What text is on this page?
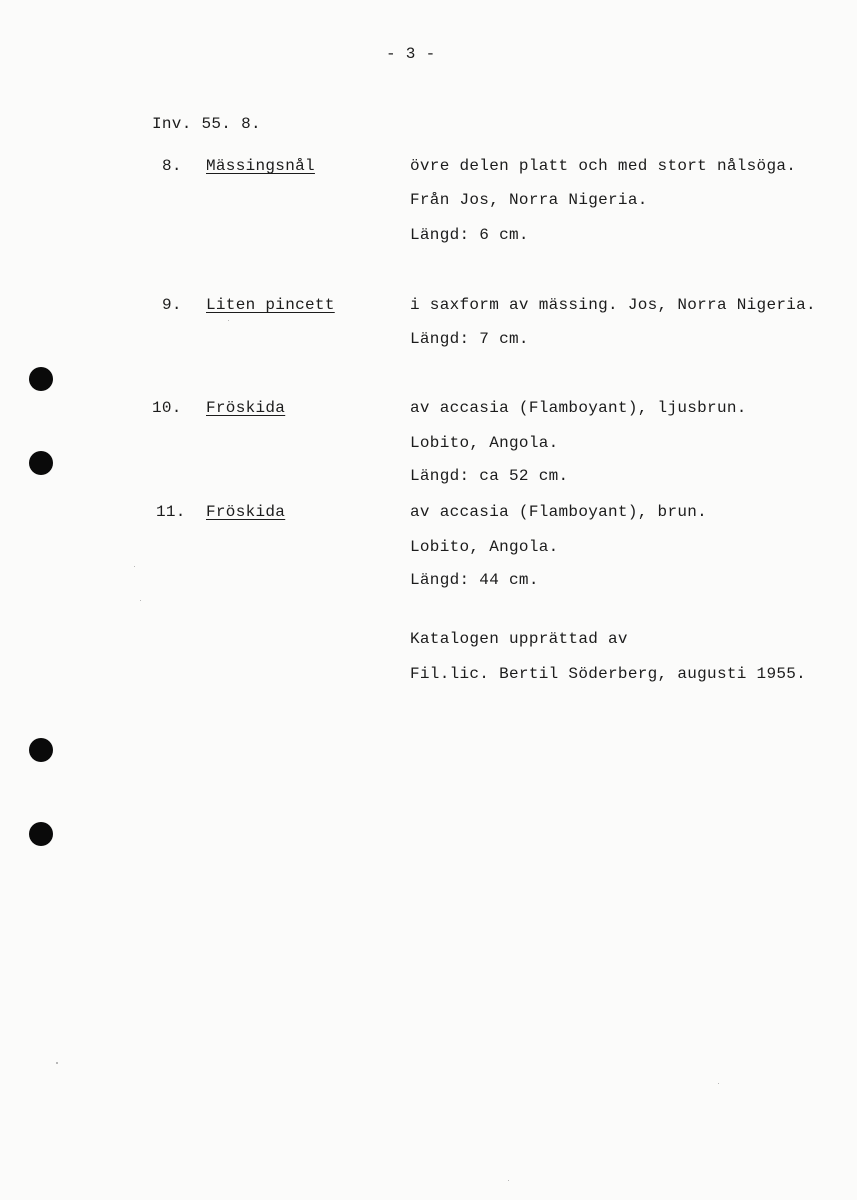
- 3 -
Inv. 55. 8.
8. Mässingsnål	övre delen platt och med stort nålsöga.
Från Jos, Norra Nigeria.
Längd: 6 cm.
9. Liten pincett	i saxform av mässing. Jos, Norra Nigeria.
Längd: 7 cm.
10. Fröskida	av accasia (Flamboyant), ljusbrun.
Lobito, Angola.
Längd: ca 52 cm.
11. Fröskida	av accasia (Flamboyant), brun.
Lobito, Angola.
Längd: 44 cm.
Katalogen upprättad av
Fil.lic. Bertil Söderberg, augusti 1955.
